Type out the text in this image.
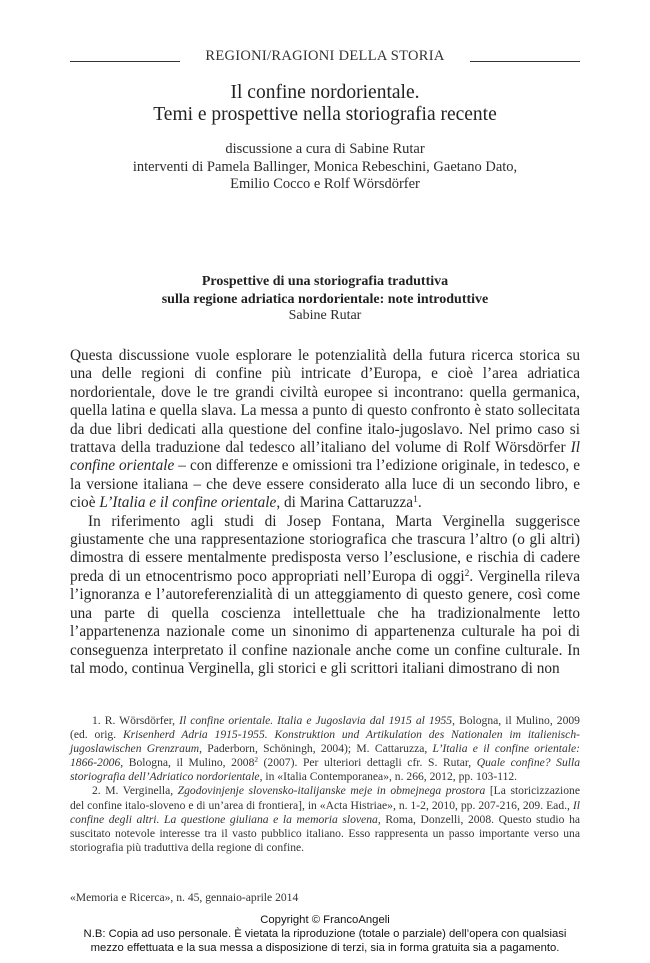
REGIONI/RAGIONI DELLA STORIA
Il confine nordorientale.
Temi e prospettive nella storiografia recente
discussione a cura di Sabine Rutar
interventi di Pamela Ballinger, Monica Rebeschini, Gaetano Dato,
Emilio Cocco e Rolf Wörsdörfer
Prospettive di una storiografia traduttiva
sulla regione adriatica nordorientale: note introduttive
Sabine Rutar

Questa discussione vuole esplorare le potenzialità della futura ricerca storica su una delle regioni di confine più intricate d’Europa, e cioè l’area adriatica nordorientale, dove le tre grandi civiltà europee si incontrano: quella germanica, quella latina e quella slava. La messa a punto di questo confronto è stato sollecitata da due libri dedicati alla questione del confine italo-jugoslavo. Nel primo caso si trattava della traduzione dal tedesco all’italiano del volume di Rolf Wörsdörfer Il confine orientale – con differenze e omissioni tra l’edizione originale, in tedesco, e la versione italiana – che deve essere considerato alla luce di un secondo libro, e cioè L’Italia e il confine orientale, di Marina Cattaruzza$^1$.

In riferimento agli studi di Josep Fontana, Marta Verginella suggerisce giustamente che una rappresentazione storiografica che trascura l’altro (o gli altri) dimostra di essere mentalmente predisposta verso l’esclusione, e rischia di cadere preda di un etnocentrismo poco appropriati nell’Europa di oggi$^2$. Verginella rileva l’ignoranza e l’autoreferenzialità di un atteggiamento di questo genere, così come una parte di quella coscienza intellettuale che ha tradizionalmente letto l’appartenenza nazionale come un sinonimo di appartenenza culturale ha poi di conseguenza interpretato il confine nazionale anche come un confine culturale. In tal modo, continua Verginella, gli storici e gli scrittori italiani dimostrano di non

1. R. Wörsdörfer, Il confine orientale. Italia e Jugoslavia dal 1915 al 1955, Bologna, il Mulino, 2009 (ed. orig. Krisenherd Adria 1915-1955. Konstruktion und Artikulation des Nationalen im italienisch-jugoslawischen Grenzraum, Paderborn, Schöningh, 2004); M. Cattaruzza, L’Italia e il confine orientale: 1866-2006, Bologna, il Mulino, 2008$^2$ (2007). Per ulteriori dettagli cfr. S. Rutar, Quale confine? Sulla storiografia dell’Adriatico nordorientale, in «Italia Contemporanea», n. 266, 2012, pp. 103-112.

2. M. Verginella, Zgodovinjenje slovensko-italijanske meje in obmejnega prostora [La storicizzazione del confine italo-sloveno e di un’area di frontiera], in «Acta Histriae», n. 1-2, 2010, pp. 207-216, 209. Ead., Il confine degli altri. La questione giuliana e la memoria slovena, Roma, Donzelli, 2008. Questo studio ha suscitato notevole interesse tra il vasto pubblico italiano. Esso rappresenta un passo importante verso una storiografia più traduttiva della regione di confine.

«Memoria e Ricerca», n. 45, gennaio-aprile 2014
Copyright © FrancoAngeli
N.B: Copia ad uso personale. È vietata la riproduzione (totale o parziale) dell’opera con qualsiasi
mezzo effettuata e la sua messa a disposizione di terzi, sia in forma gratuita sia a pagamento.
